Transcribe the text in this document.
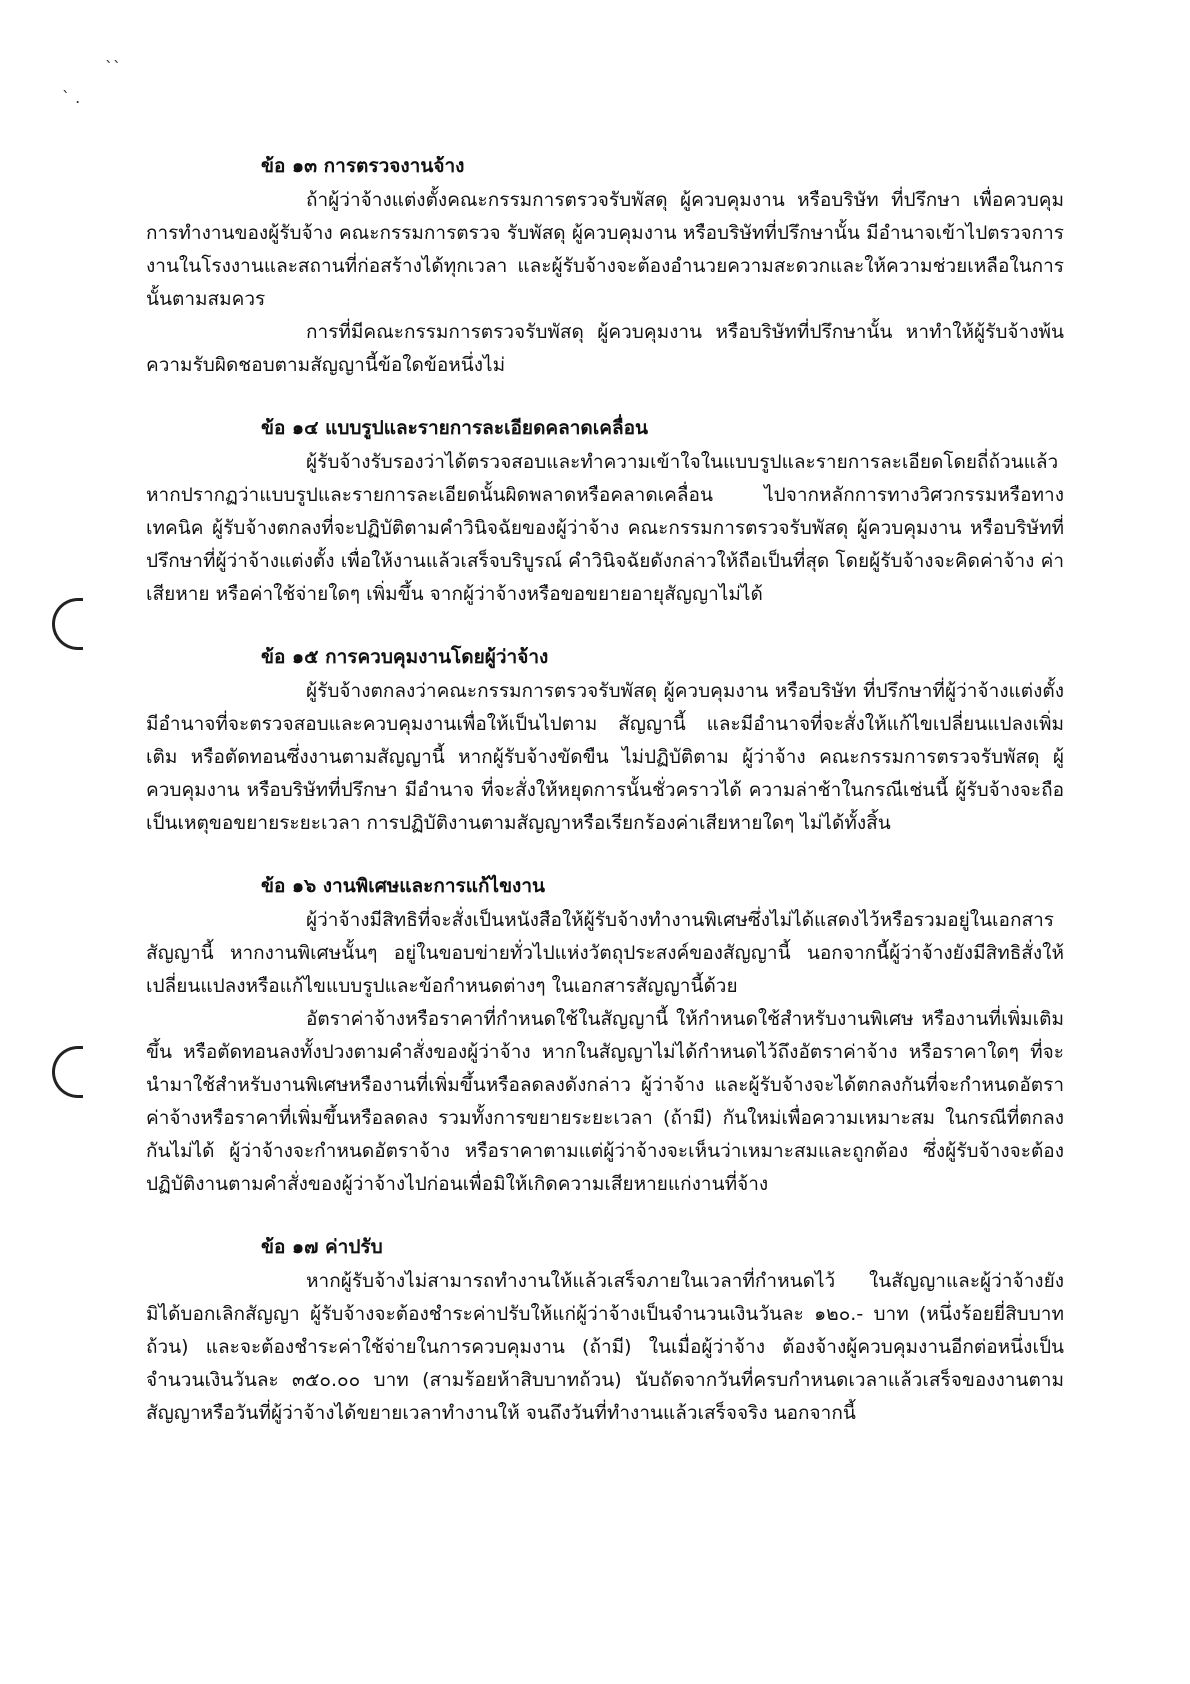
``
` .
ข้อ ๑๓ การตรวจงานจ้าง

ถ้าผู้ว่าจ้างแต่งตั้งคณะกรรมการตรวจรับพัสดุ ผู้ควบคุมงาน หรือบริษัท ที่ปรึกษา เพื่อควบคุมการทำงานของผู้รับจ้าง คณะกรรมการตรวจ รับพัสดุ ผู้ควบคุมงาน หรือบริษัทที่ปรึกษานั้น มีอำนาจเข้าไปตรวจการงานในโรงงานและสถานที่ก่อสร้างได้ทุกเวลา และผู้รับจ้างจะต้องอำนวยความสะดวกและให้ความช่วยเหลือในการนั้นตามสมควร

การที่มีคณะกรรมการตรวจรับพัสดุ ผู้ควบคุมงาน หรือบริษัทที่ปรึกษานั้น หาทำให้ผู้รับจ้างพ้นความรับผิดชอบตามสัญญานี้ข้อใดข้อหนึ่งไม่

ข้อ ๑๔ แบบรูปและรายการละเอียดคลาดเคลื่อน

ผู้รับจ้างรับรองว่าได้ตรวจสอบและทำความเข้าใจในแบบรูปและรายการละเอียดโดยถี่ถ้วนแล้ว หากปรากฏว่าแบบรูปและรายการละเอียดนั้นผิดพลาดหรือคลาดเคลื่อน ไปจากหลักการทางวิศวกรรมหรือทางเทคนิค ผู้รับจ้างตกลงที่จะปฏิบัติตามคำวินิจฉัยของผู้ว่าจ้าง คณะกรรมการตรวจรับพัสดุ ผู้ควบคุมงาน หรือบริษัทที่ปรึกษาที่ผู้ว่าจ้างแต่งตั้ง เพื่อให้งานแล้วเสร็จบริบูรณ์ คำวินิจฉัยดังกล่าวให้ถือเป็นที่สุด โดยผู้รับจ้างจะคิดค่าจ้าง ค่าเสียหาย หรือค่าใช้จ่ายใดๆ เพิ่มขึ้น จากผู้ว่าจ้างหรือขอขยายอายุสัญญาไม่ได้

ข้อ ๑๕ การควบคุมงานโดยผู้ว่าจ้าง

ผู้รับจ้างตกลงว่าคณะกรรมการตรวจรับพัสดุ ผู้ควบคุมงาน หรือบริษัท ที่ปรึกษาที่ผู้ว่าจ้างแต่งตั้ง มีอำนาจที่จะตรวจสอบและควบคุมงานเพื่อให้เป็นไปตาม สัญญานี้ และมีอำนาจที่จะสั่งให้แก้ไขเปลี่ยนแปลงเพิ่มเติม หรือตัดทอนซึ่งงานตามสัญญานี้ หากผู้รับจ้างขัดขืน ไม่ปฏิบัติตาม ผู้ว่าจ้าง คณะกรรมการตรวจรับพัสดุ ผู้ควบคุมงาน หรือบริษัทที่ปรึกษา มีอำนาจ ที่จะสั่งให้หยุดการนั้นชั่วคราวได้ ความล่าช้าในกรณีเช่นนี้ ผู้รับจ้างจะถือเป็นเหตุขอขยายระยะเวลา การปฏิบัติงานตามสัญญาหรือเรียกร้องค่าเสียหายใดๆ ไม่ได้ทั้งสิ้น

ข้อ ๑๖ งานพิเศษและการแก้ไขงาน

ผู้ว่าจ้างมีสิทธิที่จะสั่งเป็นหนังสือให้ผู้รับจ้างทำงานพิเศษซึ่งไม่ได้แสดงไว้หรือรวมอยู่ในเอกสารสัญญานี้ หากงานพิเศษนั้นๆ อยู่ในขอบข่ายทั่วไปแห่งวัตถุประสงค์ของสัญญานี้ นอกจากนี้ผู้ว่าจ้างยังมีสิทธิสั่งให้เปลี่ยนแปลงหรือแก้ไขแบบรูปและข้อกำหนดต่างๆ ในเอกสารสัญญานี้ด้วย

อัตราค่าจ้างหรือราคาที่กำหนดใช้ในสัญญานี้ ให้กำหนดใช้สำหรับงานพิเศษ หรืองานที่เพิ่มเติมขึ้น หรือตัดทอนลงทั้งปวงตามคำสั่งของผู้ว่าจ้าง หากในสัญญาไม่ได้กำหนดไว้ถึงอัตราค่าจ้าง หรือราคาใดๆ ที่จะนำมาใช้สำหรับงานพิเศษหรืองานที่เพิ่มขึ้นหรือลดลงดังกล่าว ผู้ว่าจ้าง และผู้รับจ้างจะได้ตกลงกันที่จะกำหนดอัตราค่าจ้างหรือราคาที่เพิ่มขึ้นหรือลดลง รวมทั้งการขยายระยะเวลา (ถ้ามี) กันใหม่เพื่อความเหมาะสม ในกรณีที่ตกลงกันไม่ได้ ผู้ว่าจ้างจะกำหนดอัตราจ้าง หรือราคาตามแต่ผู้ว่าจ้างจะเห็นว่าเหมาะสมและถูกต้อง ซึ่งผู้รับจ้างจะต้องปฏิบัติงานตามคำสั่งของผู้ว่าจ้างไปก่อนเพื่อมิให้เกิดความเสียหายแก่งานที่จ้าง

ข้อ ๑๗ ค่าปรับ

หากผู้รับจ้างไม่สามารถทำงานให้แล้วเสร็จภายในเวลาที่กำหนดไว้ ในสัญญาและผู้ว่าจ้างยังมิได้บอกเลิกสัญญา ผู้รับจ้างจะต้องชำระค่าปรับให้แก่ผู้ว่าจ้างเป็นจำนวนเงินวันละ ๑๒๐.- บาท (หนึ่งร้อยยี่สิบบาทถ้วน) และจะต้องชำระค่าใช้จ่ายในการควบคุมงาน (ถ้ามี) ในเมื่อผู้ว่าจ้าง ต้องจ้างผู้ควบคุมงานอีกต่อหนึ่งเป็นจำนวนเงินวันละ ๓๕๐.๐๐ บาท (สามร้อยห้าสิบบาทถ้วน) นับถัดจากวันที่ครบกำหนดเวลาแล้วเสร็จของงานตามสัญญาหรือวันที่ผู้ว่าจ้างได้ขยายเวลาทำงานให้ จนถึงวันที่ทำงานแล้วเสร็จจริง นอกจากนี้
